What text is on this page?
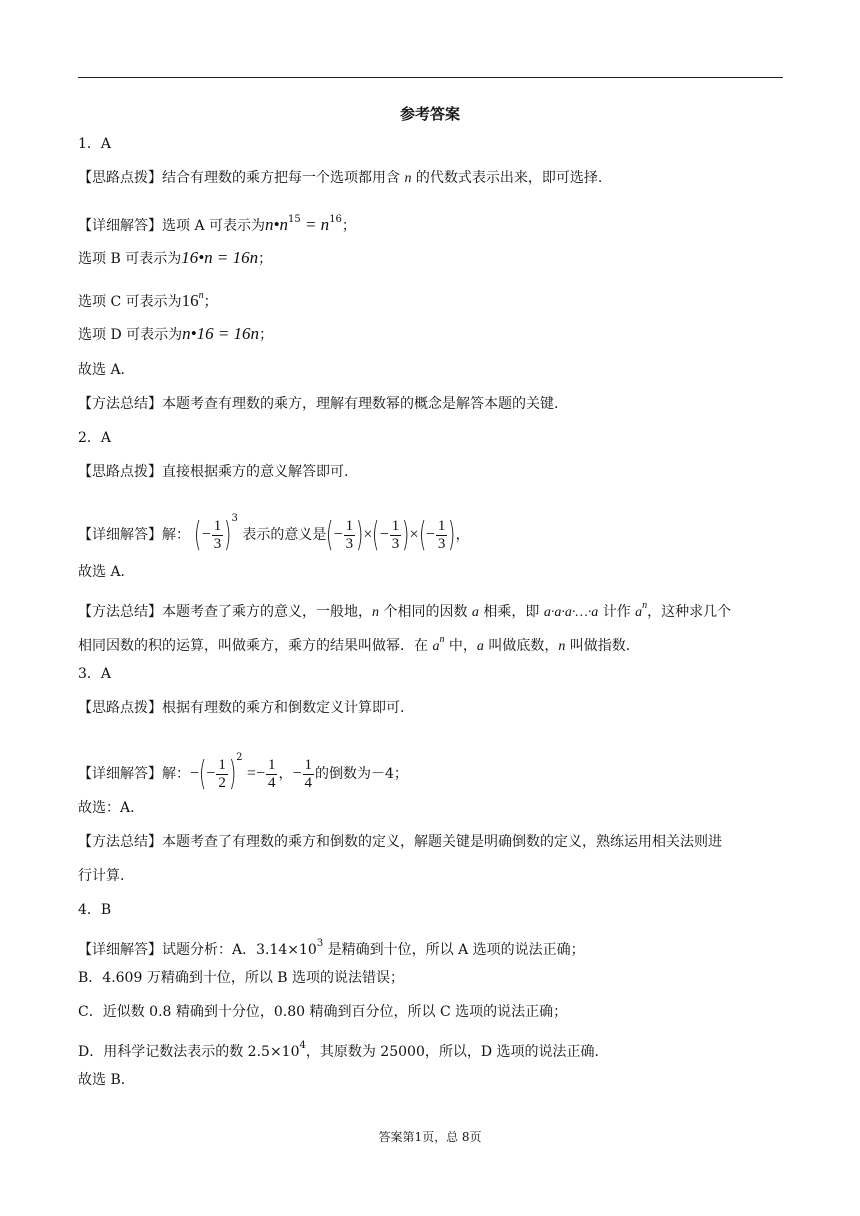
参考答案
1．A
【思路点拨】结合有理数的乘方把每一个选项都用含 n 的代数式表示出来，即可选择.
【详细解答】选项 A 可表示为$n•n^{15} = n^{16}$；
选项 B 可表示为16•n = 16n；
选项 C 可表示为16$^n$；
选项 D 可表示为n•16 = 16n；
故选 A．
【方法总结】本题考查有理数的乘方，理解有理数幂的概念是解答本题的关键.
2．A
【思路点拨】直接根据乘方的意义解答即可.
【详细解答】解： (− $\frac{1}{3} )^3$ 表示的意义是(− $\frac{1}{3}$ )×(− $\frac{1}{3}$ )×(− $\frac{1}{3}$ )，
故选 A．
【方法总结】本题考查了乘方的意义，一般地，n 个相同的因数 a 相乘，即 a·a·a·…·a 计作 $a^n$，这种求几个
相同因数的积的运算，叫做乘方，乘方的结果叫做幂．在 $a^n$ 中，a 叫做底数，n 叫做指数.
3．A
【思路点拨】根据有理数的乘方和倒数定义计算即可.
【详细解答】解：−(− $\frac{1}{2} )^2 =- \frac{1}{4}$ ，− $\frac{1}{4}$ 的倒数为－4；
故选：A．
【方法总结】本题考查了有理数的乘方和倒数的定义，解题关键是明确倒数的定义，熟练运用相关法则进
行计算.
4．B
【详细解答】试题分析：A．$3.14\times 10^3$ 是精确到十位，所以 A 选项的说法正确；
B．4.609 万精确到十位，所以 B 选项的说法错误；
C．近似数 0.8 精确到十分位，0.80 精确到百分位，所以 C 选项的说法正确；
D．用科学记数法表示的数 $2.5\times 10^4$，其原数为 25000，所以，D 选项的说法正确.
故选 B．
答案第1页，总 8页
